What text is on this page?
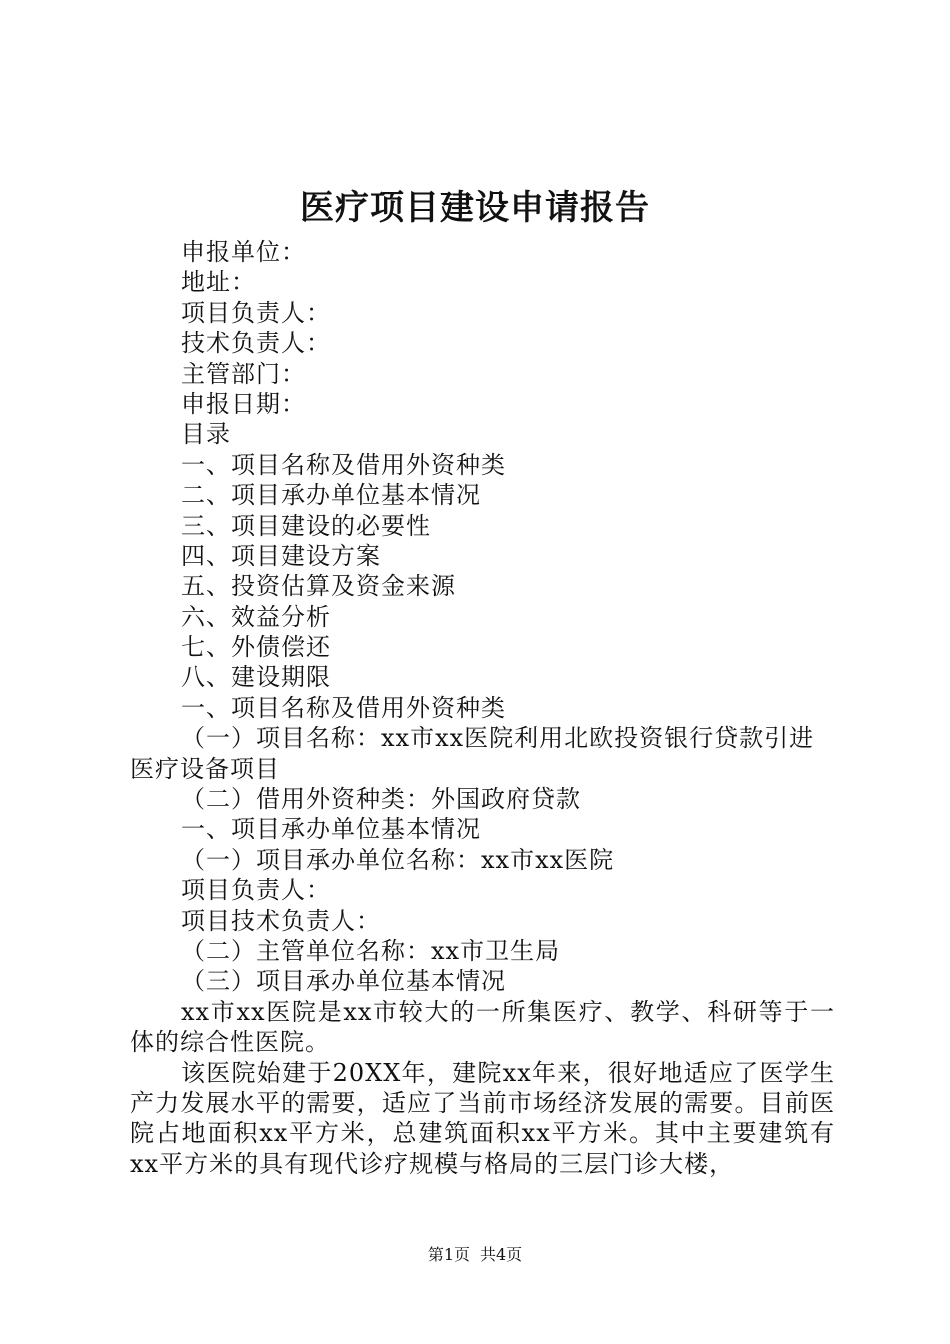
医疗项目建设申请报告

申报单位：

地址：

项目负责人：

技术负责人：

主管部门：

申报日期：

目录

一、项目名称及借用外资种类

二、项目承办单位基本情况

三、项目建设的必要性

四、项目建设方案

五、投资估算及资金来源

六、效益分析

七、外债偿还

八、建设期限

一、项目名称及借用外资种类

（一）项目名称：xx市xx医院利用北欧投资银行贷款引进

医疗设备项目

（二）借用外资种类：外国政府贷款

一、项目承办单位基本情况

（一）项目承办单位名称：xx市xx医院

项目负责人：

项目技术负责人：

（二）主管单位名称：xx市卫生局

（三）项目承办单位基本情况

xx市xx医院是xx市较大的一所集医疗、教学、科研等于一体的综合性医院。

该医院始建于20XX年，建院xx年来，很好地适应了医学生产力发展水平的需要，适应了当前市场经济发展的需要。目前医院占地面积xx平方米，总建筑面积xx平方米。其中主要建筑有xx平方米的具有现代诊疗规模与格局的三层门诊大楼，

第1页 共4页
